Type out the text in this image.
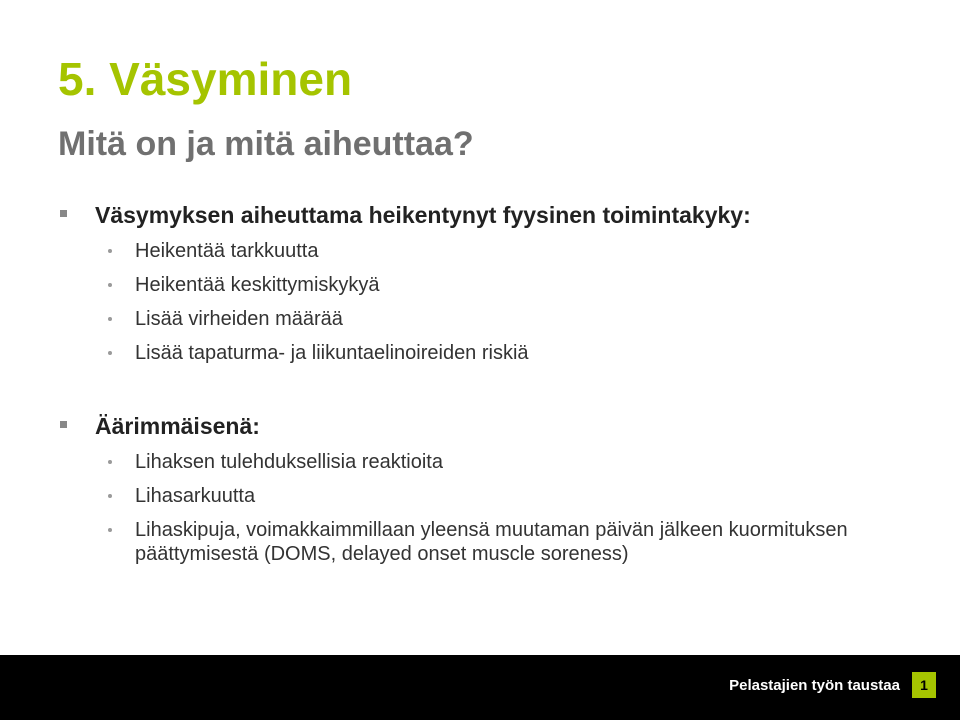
5. Väsyminen
Mitä on ja mitä aiheuttaa?
Väsymyksen aiheuttama heikentynyt fyysinen toimintakyky:
Heikentää tarkkuutta
Heikentää keskittymiskykyä
Lisää virheiden määrää
Lisää tapaturma- ja liikuntaelinoireiden riskiä
Äärimmäisenä:
Lihaksen tulehduksellisia reaktioita
Lihasarkuutta
Lihaskipuja, voimakkaimmillaan yleensä muutaman päivän jälkeen kuormituksen päättymisestä (DOMS, delayed onset muscle soreness)
Pelastajien työn taustaa	1
